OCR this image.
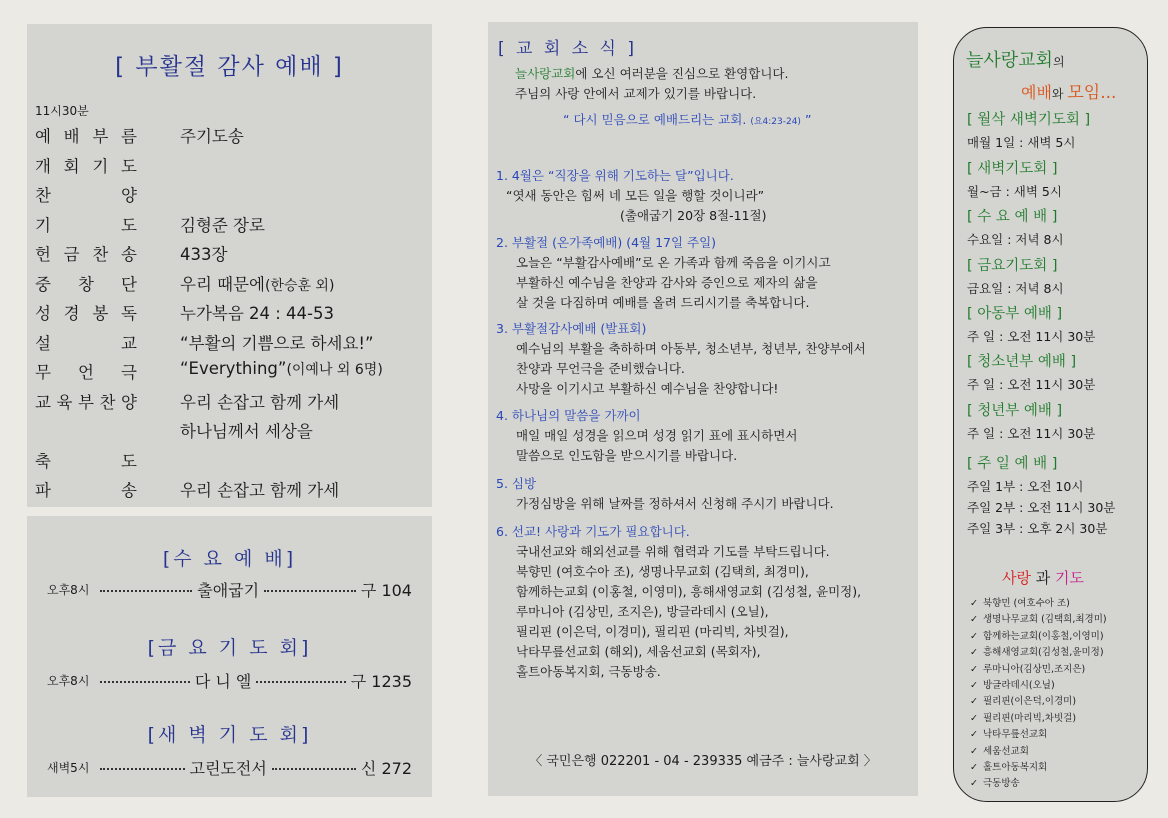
[ 부활절 감사 예배 ]
11시30분
예 배 부 름	주기도송
개 회 기 도
찬	양
기	도	김형준 장로
헌 금 찬 송	433장
중 창 단	우리 때문에(한승훈 외)
성 경 봉 독	누가복음 24 : 44-53
설	교	“부활의 기쁨으로 하세요!”
무 언 극	“Everything”(이예나 외 6명)
교 육 부 찬 양	우리 손잡고 함께 가세
하나님께서 세상을
축	도
파	송	우리 손잡고 함께 가세
[수 요 예 배]
오후8시	출애굽기	구 104
[금 요 기 도 회]
오후8시	다 니 엘	구 1235
[새 벽 기 도 회]
새벽5시	고린도전서	신 272
[ 교 회 소 식 ]
늘사랑교회에 오신 여러분을 진심으로 환영합니다.
주님의 사랑 안에서 교제가 있기를 바랍니다.
“ 다시 믿음으로 예배드리는 교회. (요4:23-24) ”
1. 4월은 “직장을 위해 기도하는 달”입니다.
“엿새 동안은 힘써 네 모든 일을 행할 것이니라”
(출애굽기 20장 8절-11절)
2. 부활절 (온가족예배) (4월 17일 주일)
오늘은 “부활감사예배”로 온 가족과 함께 죽음을 이기시고
부활하신 예수님을 찬양과 감사와 증인으로 제자의 삶을
살 것을 다짐하며 예배를 올려 드리시기를 축복합니다.
3. 부활절감사예배 (발표회)
예수님의 부활을 축하하며 아동부, 청소년부, 청년부, 찬양부에서
찬양과 무언극을 준비했습니다.
사망을 이기시고 부활하신 예수님을 찬양합니다!
4. 하나님의 말씀을 가까이
매일 매일 성경을 읽으며 성경 읽기 표에 표시하면서
말씀으로 인도함을 받으시기를 바랍니다.
5. 심방
가정심방을 위해 날짜를 정하셔서 신청해 주시기 바랍니다.
6. 선교! 사랑과 기도가 필요합니다.
국내선교와 해외선교를 위해 협력과 기도를 부탁드립니다.
북향민 (여호수아 조), 생명나무교회 (김택희, 최경미),
함께하는교회 (이홍철, 이영미), 흥해새영교회 (김성철, 윤미정),
루마니아 (김상민, 조지은), 방글라데시 (오닐),
필리핀 (이은덕, 이경미), 필리핀 (마리빅, 차빗걸),
낙타무릎선교회 (해외), 세움선교회 (목회자),
홀트아동복지회, 극동방송.
〈 국민은행 022201 - 04 - 239335 예금주 : 늘사랑교회 〉
늘사랑교회의
예배와 모임...
[ 월삭 새벽기도회 ]
매월 1일 : 새벽 5시
[ 새벽기도회 ]
월~금 : 새벽 5시
[ 수 요 예 배 ]
수요일 : 저녁 8시
[ 금요기도회 ]
금요일 : 저녁 8시
[ 아동부 예배 ]
주 일 : 오전 11시 30분
[ 청소년부 예배 ]
주 일 : 오전 11시 30분
[ 청년부 예배 ]
주 일 : 오전 11시 30분
[ 주 일 예 배 ]
주일 1부 : 오전 10시
주일 2부 : 오전 11시 30분
주일 3부 : 오후 2시 30분
사랑 과 기도
✓ 북향민 (여호수아 조)
✓ 생명나무교회 (김택희,최경미)
✓ 함께하는교회(이홍철,이영미)
✓ 흥해새영교회(김성철,윤미정)
✓ 루마니아(김상민,조지은)
✓ 방글라데시(오닐)
✓ 필리핀(이은덕,이경미)
✓ 필리핀(마리빅,차빗걸)
✓ 낙타무릎선교회
✓ 세움선교회
✓ 홀트아동복지회
✓ 극동방송
